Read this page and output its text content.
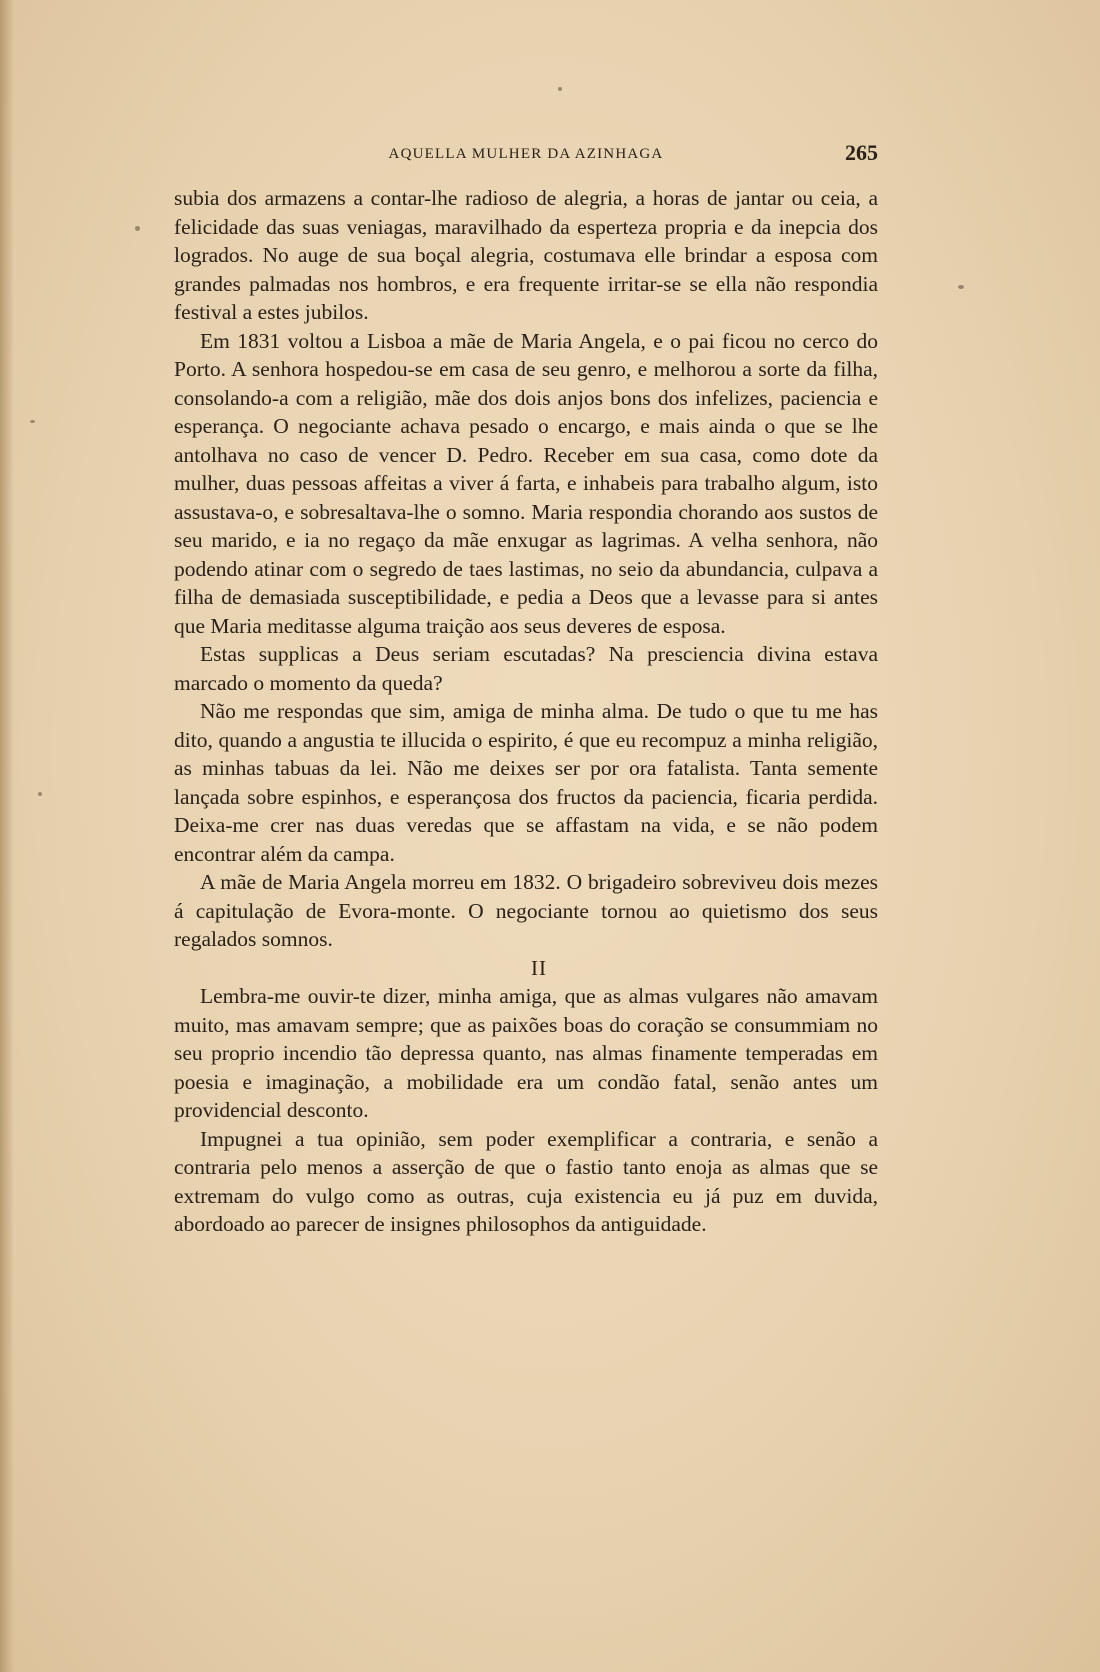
AQUELLA MULHER DA AZINHAGA	265

subia dos armazens a contar-lhe radioso de alegria, a horas de jantar ou ceia, a felicidade das suas veniagas, maravilhado da esperteza propria e da inepcia dos logrados. No auge de sua boçal alegria, costumava elle brindar a esposa com grandes palmadas nos hombros, e era frequente irritar-se se ella não respondia festival a estes jubilos.

Em 1831 voltou a Lisboa a mãe de Maria Angela, e o pai ficou no cerco do Porto. A senhora hospedou-se em casa de seu genro, e melhorou a sorte da filha, consolando-a com a religião, mãe dos dois anjos bons dos infelizes, paciencia e esperança. O negociante achava pesado o encargo, e mais ainda o que se lhe antolhava no caso de vencer D. Pedro. Receber em sua casa, como dote da mulher, duas pessoas affeitas a viver á farta, e inhabeis para trabalho algum, isto assustava-o, e sobresaltava-lhe o somno. Maria respondia chorando aos sustos de seu marido, e ia no regaço da mãe enxugar as lagrimas. A velha senhora, não podendo atinar com o segredo de taes lastimas, no seio da abundancia, culpava a filha de demasiada susceptibilidade, e pedia a Deos que a levasse para si antes que Maria meditasse alguma traição aos seus deveres de esposa.

Estas supplicas a Deus seriam escutadas? Na presciencia divina estava marcado o momento da queda?

Não me respondas que sim, amiga de minha alma. De tudo o que tu me has dito, quando a angustia te illucida o espirito, é que eu recompuz a minha religião, as minhas tabuas da lei. Não me deixes ser por ora fatalista. Tanta semente lançada sobre espinhos, e esperançosa dos fructos da paciencia, ficaria perdida. Deixa-me crer nas duas veredas que se affastam na vida, e se não podem encontrar além da campa.

A mãe de Maria Angela morreu em 1832. O brigadeiro sobreviveu dois mezes á capitulação de Evora-monte. O negociante tornou ao quietismo dos seus regalados somnos.

II

Lembra-me ouvir-te dizer, minha amiga, que as almas vulgares não amavam muito, mas amavam sempre; que as paixões boas do coração se consummiam no seu proprio incendio tão depressa quanto, nas almas finamente temperadas em poesia e imaginação, a mobilidade era um condão fatal, senão antes um providencial desconto.

Impugnei a tua opinião, sem poder exemplificar a contraria, e senão a contraria pelo menos a asserção de que o fastio tanto enoja as almas que se extremam do vulgo como as outras, cuja existencia eu já puz em duvida, abordoado ao parecer de insignes philosophos da antiguidade.
